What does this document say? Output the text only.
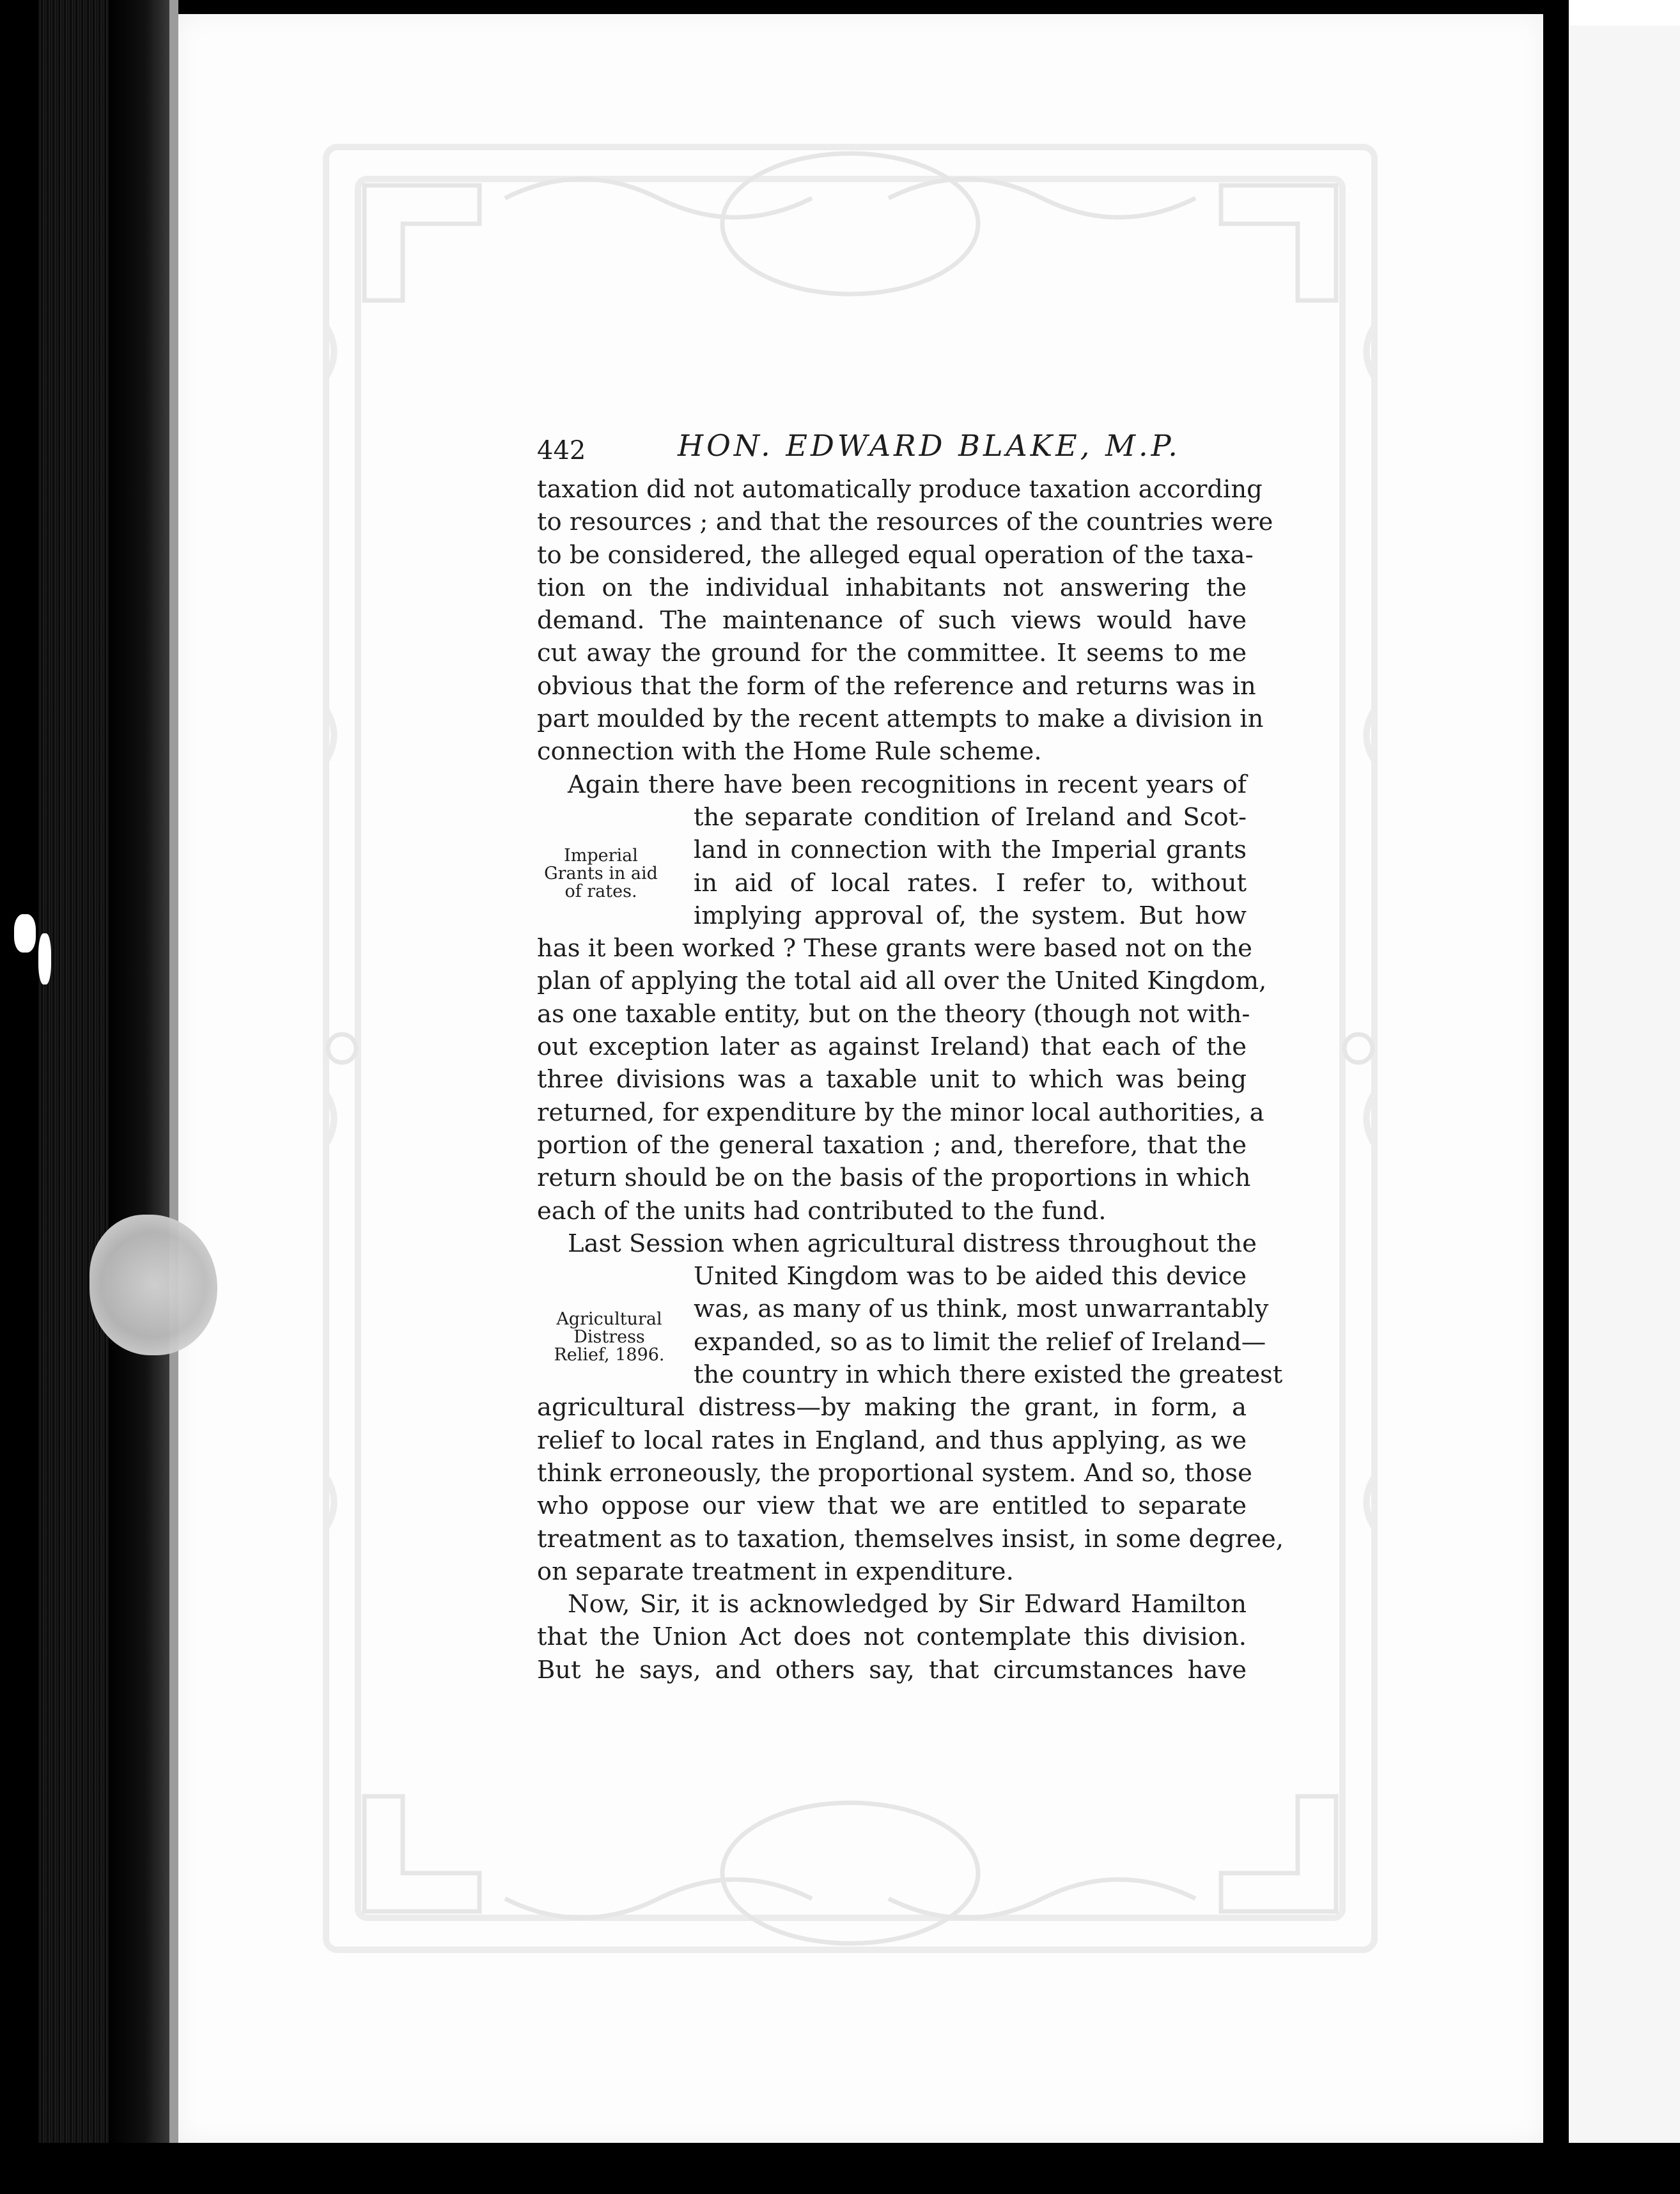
442	HON. EDWARD BLAKE, M.P.
taxation did not automatically produce taxation according
to resources ; and that the resources of the countries were
to be considered, the alleged equal operation of the taxa-
tion on the individual inhabitants not answering the
demand. The maintenance of such views would have
cut away the ground for the committee. It seems to me
obvious that the form of the reference and returns was in
part moulded by the recent attempts to make a division in
connection with the Home Rule scheme.
Again there have been recognitions in recent years of
the separate condition of Ireland and Scot-
land in connection with the Imperial grants
in aid of local rates. I refer to, without
implying approval of, the system. But how
has it been worked ? These grants were based not on the
plan of applying the total aid all over the United Kingdom,
as one taxable entity, but on the theory (though not with-
out exception later as against Ireland) that each of the
three divisions was a taxable unit to which was being
returned, for expenditure by the minor local authorities, a
portion of the general taxation ; and, therefore, that the
return should be on the basis of the proportions in which
each of the units had contributed to the fund.
Last Session when agricultural distress throughout the
United Kingdom was to be aided this device
was, as many of us think, most unwarrantably
expanded, so as to limit the relief of Ireland—
the country in which there existed the greatest
agricultural distress—by making the grant, in form, a
relief to local rates in England, and thus applying, as we
think erroneously, the proportional system. And so, those
who oppose our view that we are entitled to separate
treatment as to taxation, themselves insist, in some degree,
on separate treatment in expenditure.
Now, Sir, it is acknowledged by Sir Edward Hamilton
that the Union Act does not contemplate this division.
But he says, and others say, that circumstances have
Imperial
Grants in aid
of rates.
Agricultural
Distress
Relief, 1896.
